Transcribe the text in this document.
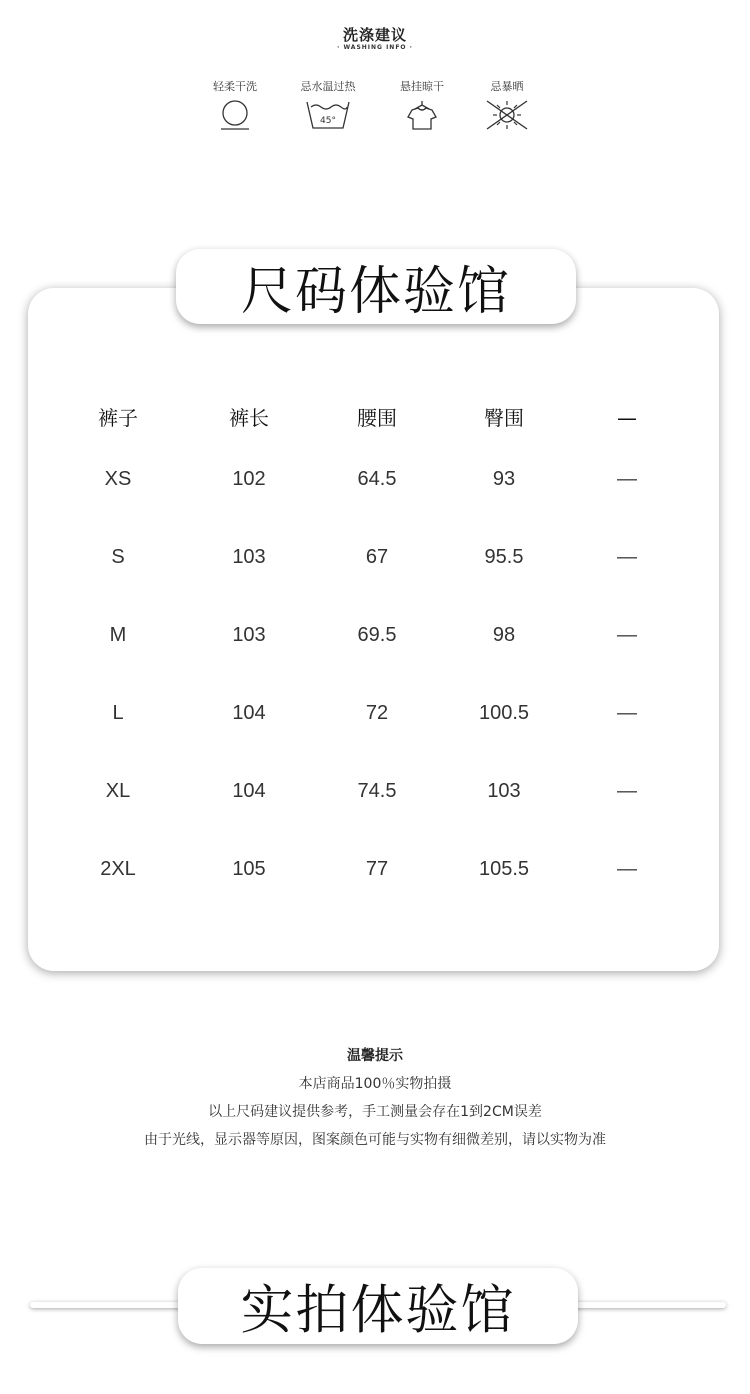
洗涤建议
· WASHING INFO ·
轻柔干洗	忌水温过热
45°
悬挂晾干	忌暴晒
尺码体验馆
裤子	裤长	腰围	臀围	—
XS	102	64.5	93	—
S	103	67	95.5	—
M	103	69.5	98	—
L	104	72	100.5	—
XL	104	74.5	103	—
2XL	105	77	105.5	—
温馨提示
本店商品100％实物拍摄
以上尺码建议提供参考，手工测量会存在1到2CM误差
由于光线，显示器等原因，图案颜色可能与实物有细微差别，请以实物为准
实拍体验馆
